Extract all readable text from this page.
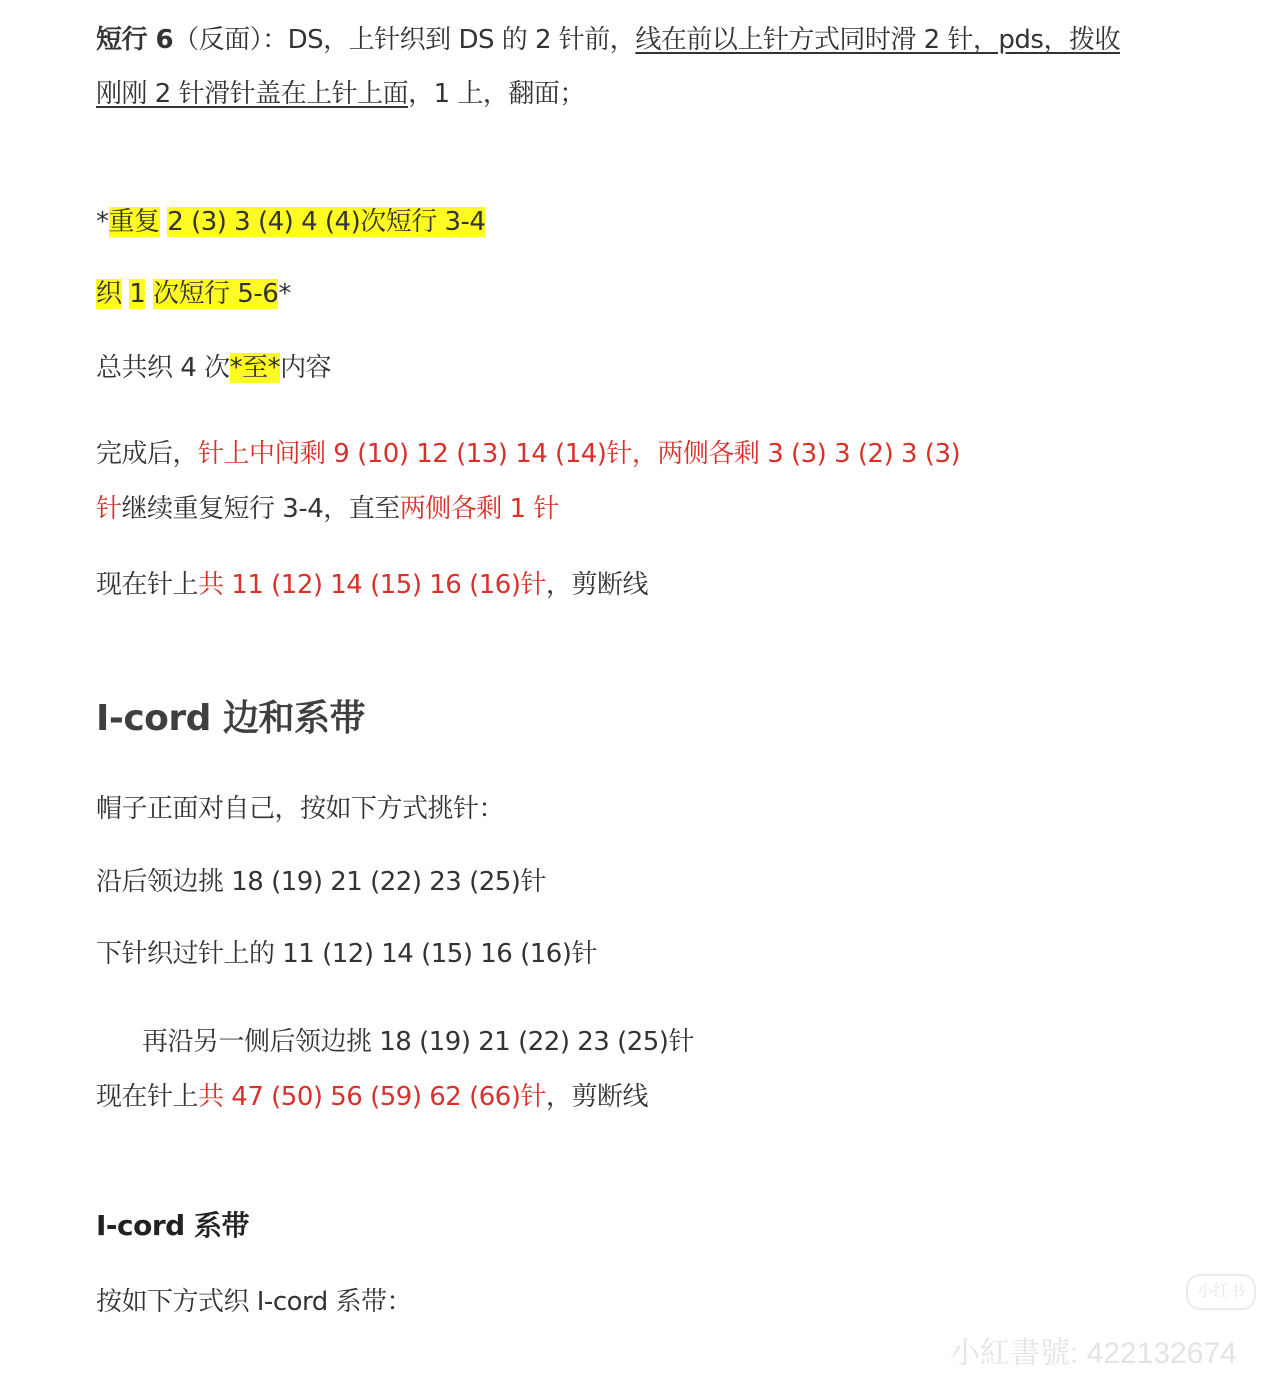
短行 6（反面）：DS，上针织到 DS 的 2 针前，线在前以上针方式同时滑 2 针，pds，拨收
刚刚 2 针滑针盖在上针上面，1 上，翻面；
*重复 2 (3) 3 (4) 4 (4)次短行 3-4
织 1 次短行 5-6*
总共织 4 次*至*内容
完成后，针上中间剩 9 (10) 12 (13) 14 (14)针，两侧各剩 3 (3) 3 (2) 3 (3)
针继续重复短行 3-4，直至两侧各剩 1 针
现在针上共 11 (12) 14 (15) 16 (16)针，剪断线
I-cord 边和系带
帽子正面对自己，按如下方式挑针：
沿后领边挑 18 (19) 21 (22) 23 (25)针
下针织过针上的 11 (12) 14 (15) 16 (16)针
再沿另一侧后领边挑 18 (19) 21 (22) 23 (25)针
现在针上共 47 (50) 56 (59) 62 (66)针，剪断线
I-cord 系带
按如下方式织 I-cord 系带：	小红书
小紅書號: 422132674
